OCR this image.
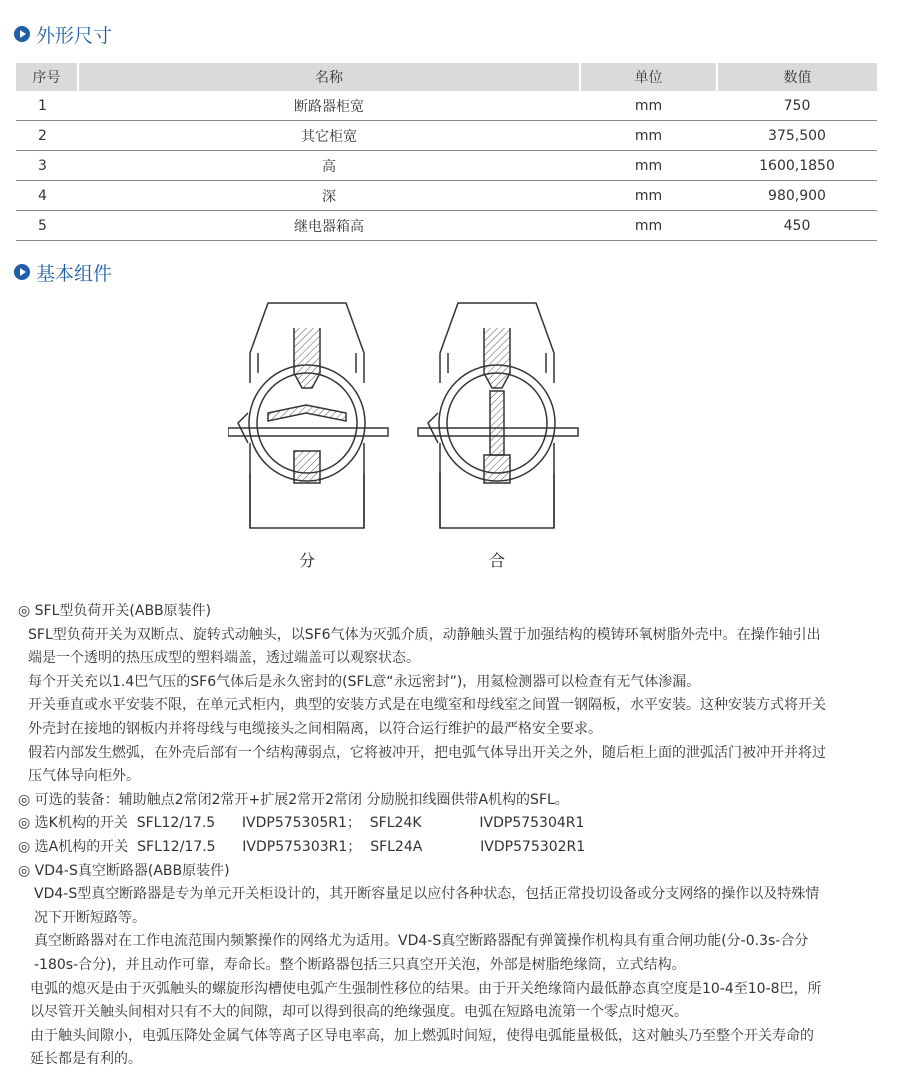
外形尺寸
序号	名称	单位	数值
1	断路器柜宽	mm	750
2	其它柜宽	mm	375,500
3	高	mm	1600,1850
4	深	mm	980,900
5	继电器箱高	mm	450
基本组件
分	合

◎ SFL型负荷开关(ABB原装件)

SFL型负荷开关为双断点、旋转式动触头，以SF6气体为灭弧介质，动静触头置于加强结构的模铸环氧树脂外壳中。在操作轴引出

端是一个透明的热压成型的塑料端盖，透过端盖可以观察状态。

每个开关充以1.4巴气压的SF6气体后是永久密封的(SFL意“永远密封”)，用氦检测器可以检查有无气体渗漏。

开关垂直或水平安装不限，在单元式柜内，典型的安装方式是在电缆室和母线室之间置一钢隔板，水平安装。这种安装方式将开关

外壳封在接地的钢板内并将母线与电缆接头之间相隔离，以符合运行维护的最严格安全要求。

假若内部发生燃弧，在外壳后部有一个结构薄弱点，它将被冲开，把电弧气体导出开关之外，随后柜上面的泄弧活门被冲开并将过

压气体导向柜外。

◎ 可选的装备：辅助触点2常闭2常开+扩展2常开2常闭 分励脱扣线圈供带A机构的SFL。

◎ 选K机构的开关  SFL12/17.5      IVDP575305R1；  SFL24K             IVDP575304R1

◎ 选A机构的开关  SFL12/17.5      IVDP575303R1；  SFL24A             IVDP575302R1

◎ VD4-S真空断路器(ABB原装件)

VD4-S型真空断路器是专为单元开关柜设计的，其开断容量足以应付各种状态，包括正常投切设备或分支网络的操作以及特殊情

况下开断短路等。

真空断路器对在工作电流范围内频繁操作的网络尤为适用。VD4-S真空断路器配有弹簧操作机构具有重合闸功能(分-0.3s-合分

-180s-合分)，并且动作可靠，寿命长。整个断路器包括三只真空开关泡，外部是树脂绝缘筒，立式结构。

电弧的熄灭是由于灭弧触头的螺旋形沟槽使电弧产生强制性移位的结果。由于开关绝缘筒内最低静态真空度是10-4至10-8巴，所

以尽管开关触头间相对只有不大的间隙，却可以得到很高的绝缘强度。电弧在短路电流第一个零点时熄灭。

由于触头间隙小，电弧压降处金属气体等离子区导电率高，加上燃弧时间短，使得电弧能量极低，这对触头乃至整个开关寿命的

延长都是有利的。
